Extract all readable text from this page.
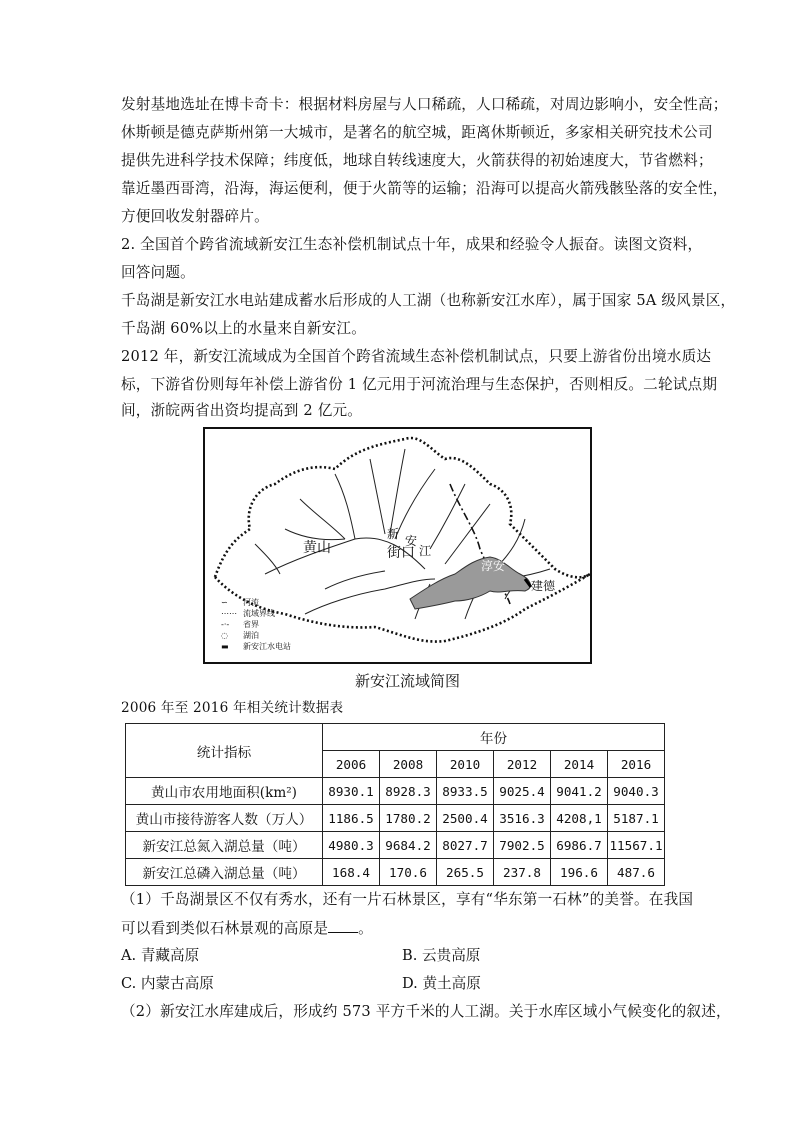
发射基地选址在博卡奇卡：根据材料房屋与人口稀疏，人口稀疏，对周边影响小，安全性高；
休斯顿是德克萨斯州第一大城市，是著名的航空城，距离休斯顿近，多家相关研究技术公司
提供先进科学技术保障；纬度低，地球自转线速度大，火箭获得的初始速度大，节省燃料；
靠近墨西哥湾，沿海，海运便利，便于火箭等的运输；沿海可以提高火箭残骸坠落的安全性，
方便回收发射器碎片。
2. 全国首个跨省流域新安江生态补偿机制试点十年，成果和经验令人振奋。读图文资料，
回答问题。
千岛湖是新安江水电站建成蓄水后形成的人工湖（也称新安江水库），属于国家 5A 级风景区，
千岛湖 60%以上的水量来自新安江。
2012 年，新安江流域成为全国首个跨省流域生态补偿机制试点，只要上游省份出境水质达
标，下游省份则每年补偿上游省份 1 亿元用于河流治理与生态保护，否则相反。二轮试点期
黄山
新 安
街口 江
淳安
建德
∽ 河流
⋯⋯ 流域界线
-·- 省界
◌ 湖泊
▬ 新安江水电站
新安江流域简图
2006 年至 2016 年相关统计数据表
统计指标	年份					
	2006	2008	2010	2012	2014	2016
黄山市农用地面积(km²)	8930.1	8928.3	8933.5	9025.4	9041.2	9040.3
黄山市接待游客人数（万人）	1186.5	1780.2	2500.4	3516.3	4208,1	5187.1
新安江总氮入湖总量（吨）	4980.3	9684.2	8027.7	7902.5	6986.7	11567.1
新安江总磷入湖总量（吨）	168.4	170.6	265.5	237.8	196.6	487.6
（1）千岛湖景区不仅有秀水，还有一片石林景区，享有“华东第一石林”的美誉。在我国
可以看到类似石林景观的高原是 。
A. 青藏高原	B. 云贵高原
C. 内蒙古高原	D. 黄土高原
（2）新安江水库建成后，形成约 573 平方千米的人工湖。关于水库区域小气候变化的叙述，
间，浙皖两省出资均提高到 2 亿元。
